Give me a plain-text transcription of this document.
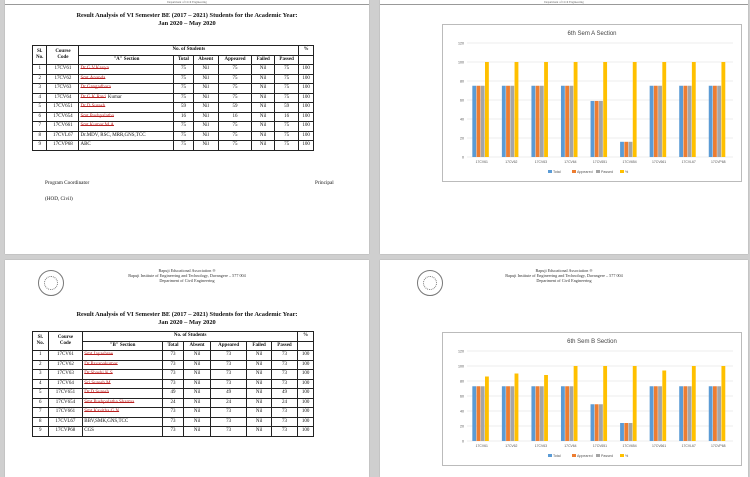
Department of Civil Engineering
Result Analysis of VI Semester BE (2017 – 2021) Students for the Academic Year:
Jan 2020 – May 2020
Sl.
No.	Course
Code	No. of Students						%
		"A" Section	Total	Absent	Appeared	Failed	Passed	
1	17CV61	Dr.G.V.Kavya	75	Nil	75	Nil	75	100
2	17CV62	Smt.Ananda	75	Nil	75	Nil	75	100
3	17CV63	Dr.Gangadhara	75	Nil	75	Nil	75	100
4	17CV64	Dr.G.K.Ravi Kumar	75	Nil	75	Nil	75	100
5	17CV651	Dr.D.Suresh	59	Nil	59	Nil	59	100
6	17CV654	Smt.Pushpalatha	16	Nil	16	Nil	16	100
7	17CV661	Smt.Kumar.M.A	75	Nil	75	Nil	75	100
8	17CVL67	Dr.MDV, RSC, MRR,GNS,TCC	75	Nil	75	Nil	75	100
9	17CVP68	ABC	75	Nil	75	Nil	75	100
Program Coordinator	Principal
(HOD, Civil)
Department of Civil Engineering
6th Sem A Section
0
20
40
60
80
100
120
17CV61	17CV62	17CV63	17CV64	17CV651	17CV654	17CV661	17CVL67	17CVP68
Total	Appeared Passed	%
Bapuji Educational Association ®
Bapuji Institute of Engineering and Technology, Davangere – 577 004
Department of Civil Engineering
Result Analysis of VI Semester BE (2017 – 2021) Students for the Academic Year:
Jan 2020 – May 2020
Sl.
No.	Course
Code	No. of Students						%
		"B" Section	Total	Absent	Appeared	Failed	Passed	
1	17CV61	Smt.Jayashree	73	Nil	73	Nil	73	100
2	17CV62	Dr.Pavanakumar	73	Nil	73	Nil	73	100
3	17CV63	Dr.Shashi.K.S	73	Nil	73	Nil	73	100
4	17CV64	Sri.Suresh.M	73	Nil	73	Nil	73	100
5	17CV651	Dr.D.Suresh	49	Nil	49	Nil	49	100
6	17CV654	Smt.Pushpalatha.Sharma	24	Nil	24	Nil	24	100
7	17CV661	Smt.Kavitha.G.N	73	Nil	73	Nil	73	100
8	17CVL67	BBV,SMK,GNS,TCC	73	Nil	73	Nil	73	100
9	17CVP68	CGS	73	Nil	73	Nil	73	100
Bapuji Educational Association ®
Bapuji Institute of Engineering and Technology, Davangere – 577 004
Department of Civil Engineering
6th Sem B Section
0
20
40
60
80
100
120
17CV61	17CV62	17CV63	17CV64	17CV651	17CV654	17CV661	17CVL67	17CVP68
Total	Appeared Passed	%
